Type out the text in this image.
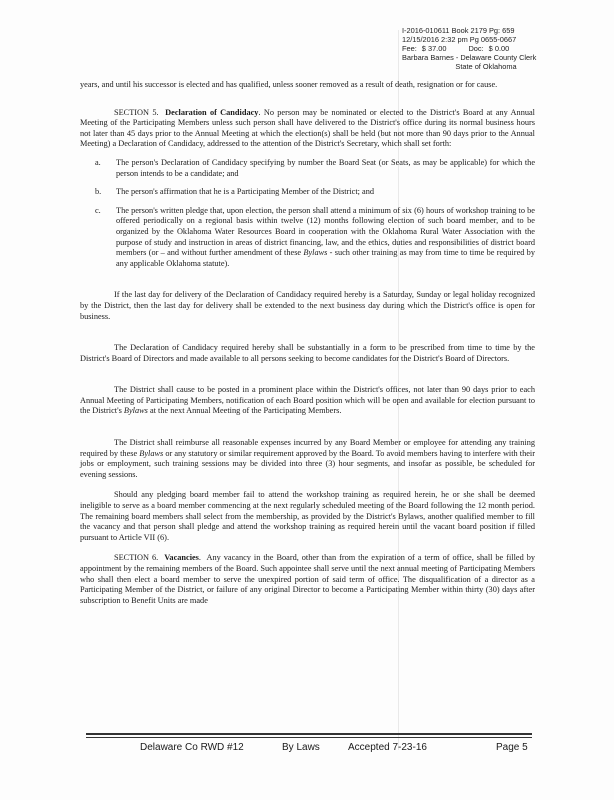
I-2016-010611 Book 2179 Pg: 659
12/15/2016 2:32 pm Pg 0655-0667
Fee: $ 37.00	Doc: $ 0.00
Barbara Barnes - Delaware County Clerk
State of Oklahoma

years, and until his successor is elected and has qualified, unless sooner removed as a result of death, resignation or for cause.

SECTION 5. Declaration of Candidacy. No person may be nominated or elected to the District's Board at any Annual Meeting of the Participating Members unless such person shall have delivered to the District's office during its normal business hours not later than 45 days prior to the Annual Meeting at which the election(s) shall be held (but not more than 90 days prior to the Annual Meeting) a Declaration of Candidacy, addressed to the attention of the District's Secretary, which shall set forth:

a.	The person's Declaration of Candidacy specifying by number the Board Seat (or Seats, as may be applicable) for which the person intends to be a candidate; and
b.	The person's affirmation that he is a Participating Member of the District; and
c.	The person's written pledge that, upon election, the person shall attend a minimum of six (6) hours of workshop training to be offered periodically on a regional basis within twelve (12) months following election of such board member, and to be organized by the Oklahoma Water Resources Board in cooperation with the Oklahoma Rural Water Association with the purpose of study and instruction in areas of district financing, law, and the ethics, duties and responsibilities of district board members (or – and without further amendment of these Bylaws - such other training as may from time to time be required by any applicable Oklahoma statute).

If the last day for delivery of the Declaration of Candidacy required hereby is a Saturday, Sunday or legal holiday recognized by the District, then the last day for delivery shall be extended to the next business day during which the District's office is open for business.

The Declaration of Candidacy required hereby shall be substantially in a form to be prescribed from time to time by the District's Board of Directors and made available to all persons seeking to become candidates for the District's Board of Directors.

The District shall cause to be posted in a prominent place within the District's offices, not later than 90 days prior to each Annual Meeting of Participating Members, notification of each Board position which will be open and available for election pursuant to the District's Bylaws at the next Annual Meeting of the Participating Members.

The District shall reimburse all reasonable expenses incurred by any Board Member or employee for attending any training required by these Bylaws or any statutory or similar requirement approved by the Board. To avoid members having to interfere with their jobs or employment, such training sessions may be divided into three (3) hour segments, and insofar as possible, be scheduled for evening sessions.

Should any pledging board member fail to attend the workshop training as required herein, he or she shall be deemed ineligible to serve as a board member commencing at the next regularly scheduled meeting of the Board following the 12 month period. The remaining board members shall select from the membership, as provided by the District's Bylaws, another qualified member to fill the vacancy and that person shall pledge and attend the workshop training as required herein until the vacant board position if filled pursuant to Article VII (6).

SECTION 6. Vacancies.  Any vacancy in the Board, other than from the expiration of a term of office, shall be filled by appointment by the remaining members of the Board. Such appointee shall serve until the next annual meeting of Participating Members who shall then elect a board member to serve the unexpired portion of said term of office. The disqualification of a director as a Participating Member of the District, or failure of any original Director to become a Participating Member within thirty (30) days after subscription to Benefit Units are made

Delaware Co RWD #12	By Laws	Accepted 7-23-16	Page 5
